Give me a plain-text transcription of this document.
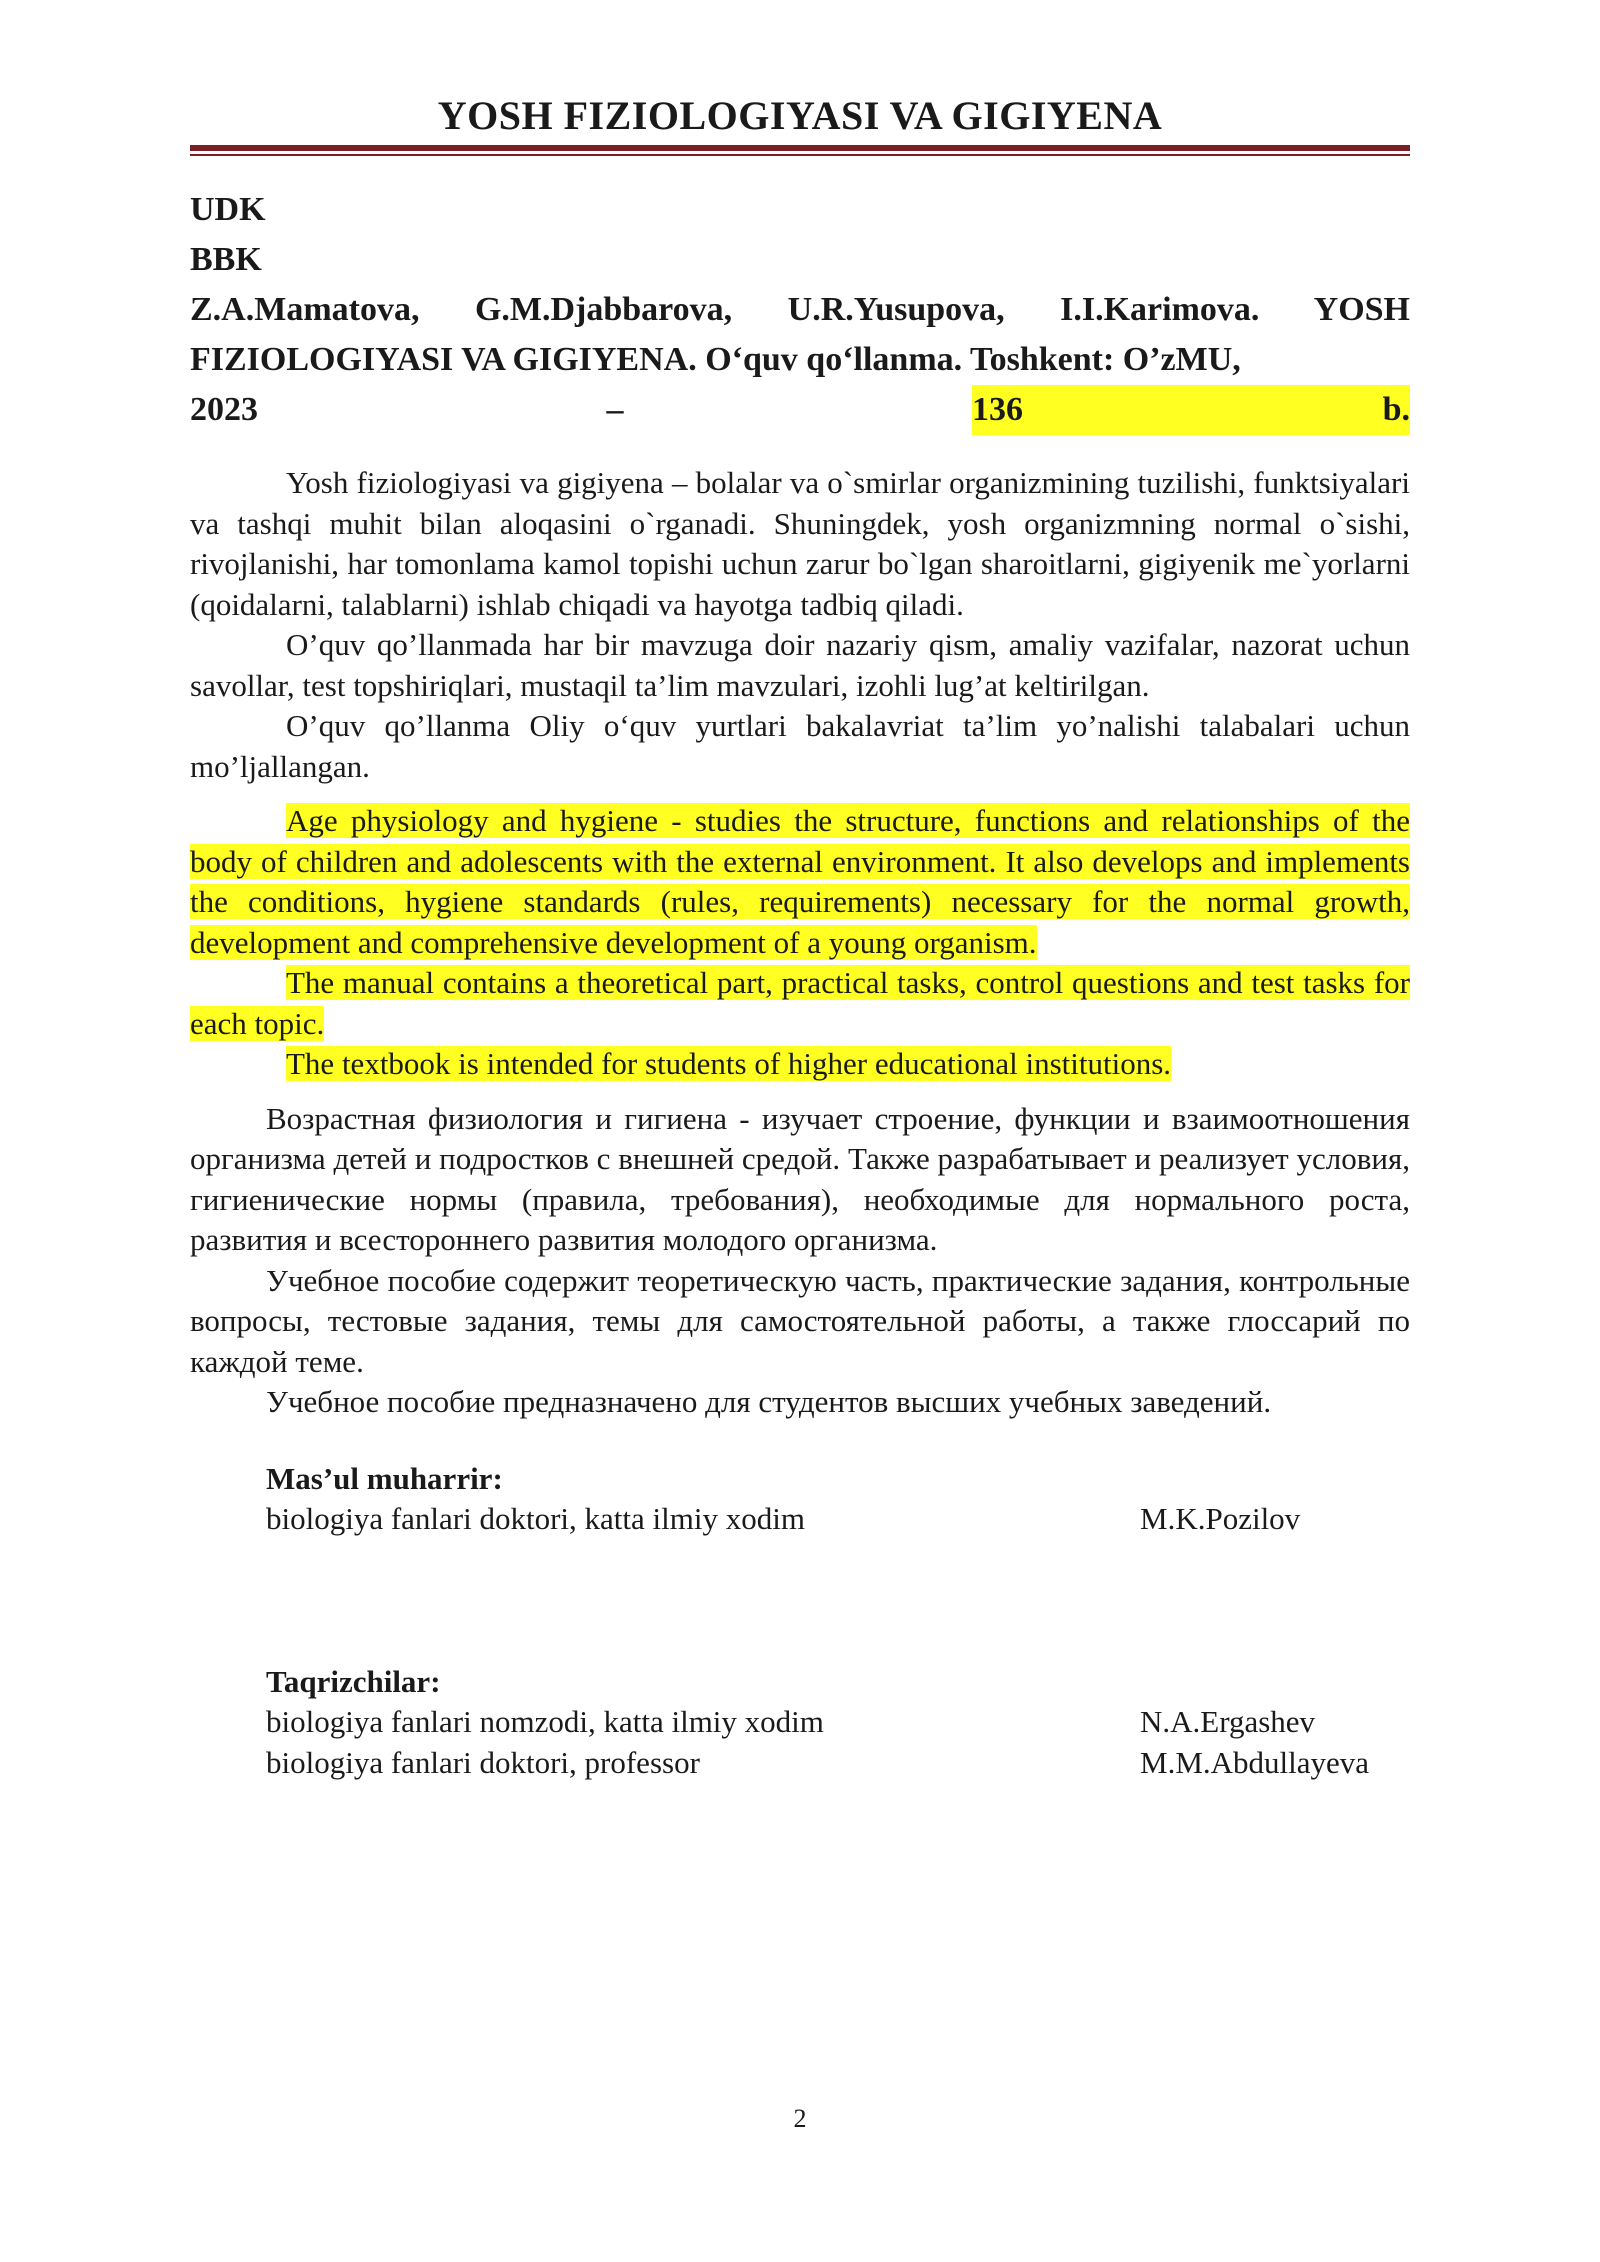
YOSH FIZIOLOGIYASI VA GIGIYENA
UDK
BBK
Z.A.Mamatova, G.M.Djabbarova, U.R.Yusupova, I.I.Karimova. YOSH FIZIOLOGIYASI VA GIGIYENA. O‘quv qo‘llanma. Toshkent: O’zMU,
2023	–	136	b.

Yosh fiziologiyasi va gigiyena – bolalar va o`smirlar organizmining tuzilishi, funktsiyalari va tashqi muhit bilan aloqasini o`rganadi. Shuningdek, yosh organizmning normal o`sishi, rivojlanishi, har tomonlama kamol topishi uchun zarur bo`lgan sharoitlarni, gigiyenik me`yorlarni (qoidalarni, talablarni) ishlab chiqadi va hayotga tadbiq qiladi.

O’quv qo’llanmada har bir mavzuga doir nazariy qism, amaliy vazifalar, nazorat uchun savollar, test topshiriqlari, mustaqil ta’lim mavzulari, izohli lug’at keltirilgan.

O’quv qo’llanma Oliy o‘quv yurtlari bakalavriat ta’lim yo’nalishi talabalari uchun mo’ljallangan.

Age physiology and hygiene - studies the structure, functions and relationships of the body of children and adolescents with the external environment. It also develops and implements the conditions, hygiene standards (rules, requirements) necessary for the normal growth, development and comprehensive development of a young organism.

The manual contains a theoretical part, practical tasks, control questions and test tasks for each topic.

The textbook is intended for students of higher educational institutions.

Возрастная физиология и гигиена - изучает строение, функции и взаимоотношения организма детей и подростков с внешней средой. Также разрабатывает и реализует условия, гигиенические нормы (правила, требования), необходимые для нормального роста, развития и всестороннего развития молодого организма.

Учебное пособие содержит теоретическую часть, практические задания, контрольные вопросы, тестовые задания, темы для самостоятельной работы, а также глоссарий по каждой теме.

Учебное пособие предназначено для студентов высших учебных заведений.

Mas’ul muharrir:
biologiya fanlari doktori, katta ilmiy xodim	M.K.Pozilov
Taqrizchilar:
biologiya fanlari nomzodi, katta ilmiy xodim	N.A.Ergashev
biologiya fanlari doktori, professor	M.M.Abdullayeva
2
